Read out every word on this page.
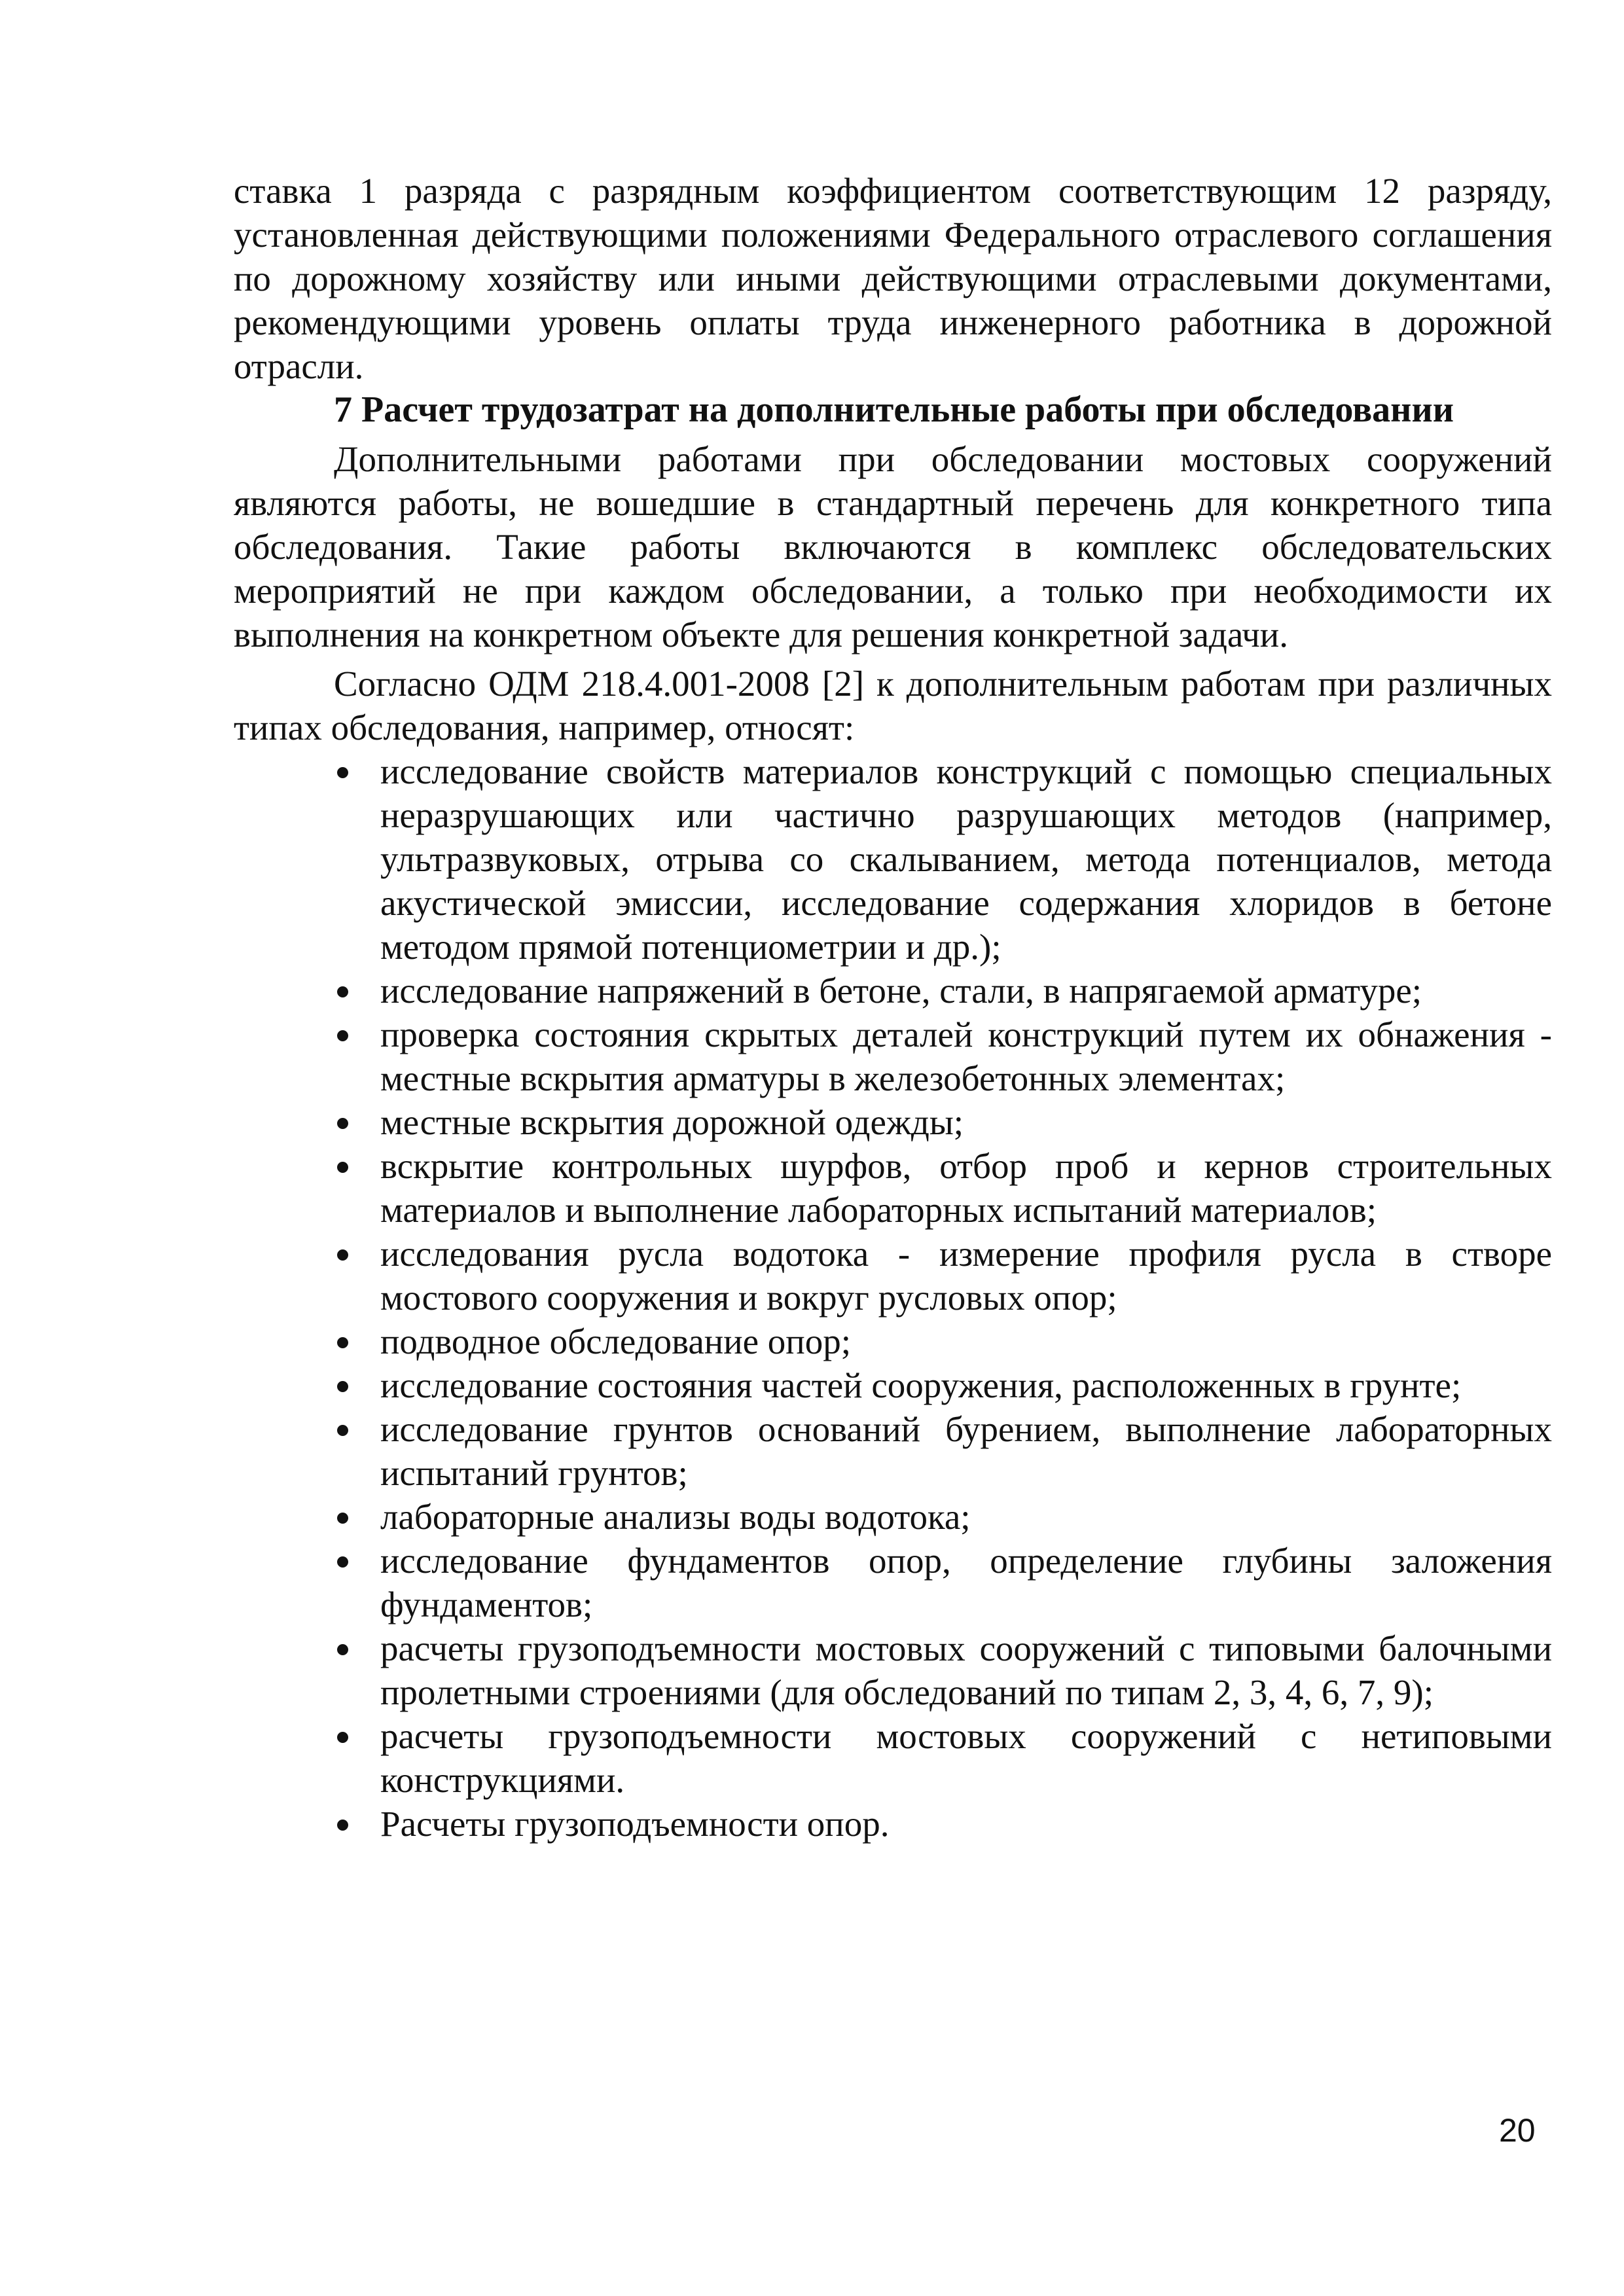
ставка 1 разряда с разрядным коэффициентом соответствующим 12 разряду, установленная действующими положениями Федерального отраслевого соглашения по дорожному хозяйству или иными действующими отраслевыми документами, рекомендующими уровень оплаты труда инженерного работника в дорожной отрасли.

7 Расчет трудозатрат на дополнительные работы при обследовании

Дополнительными работами при обследовании мостовых сооружений являются работы, не вошедшие в стандартный перечень для конкретного типа обследования. Такие работы включаются в комплекс обследовательских мероприятий не при каждом обследовании, а только при необходимости их выполнения на конкретном объекте для решения конкретной задачи.

Согласно ОДМ 218.4.001-2008 [2] к дополнительным работам при различных типах обследования, например, относят:

исследование свойств материалов конструкций с помощью специальных неразрушающих или частично разрушающих методов (например, ультразвуковых, отрыва со скалыванием, метода потенциалов, метода акустической эмиссии, исследование содержания хлоридов в бетоне методом прямой потенциометрии и др.);
исследование напряжений в бетоне, стали, в напрягаемой арматуре;
проверка состояния скрытых деталей конструкций путем их обнажения - местные вскрытия арматуры в железобетонных элементах;
местные вскрытия дорожной одежды;
вскрытие контрольных шурфов, отбор проб и кернов строительных материалов и выполнение лабораторных испытаний материалов;
исследования русла водотока - измерение профиля русла в створе мостового сооружения и вокруг русловых опор;
подводное обследование опор;
исследование состояния частей сооружения, расположенных в грунте;
исследование грунтов оснований бурением, выполнение лабораторных испытаний грунтов;
лабораторные анализы воды водотока;
исследование фундаментов опор, определение глубины заложения фундаментов;
расчеты грузоподъемности мостовых сооружений с типовыми балочными пролетными строениями (для обследований по типам 2, 3, 4, 6, 7, 9);
расчеты грузоподъемности мостовых сооружений с нетиповыми конструкциями.
Расчеты грузоподъемности опор.
20
